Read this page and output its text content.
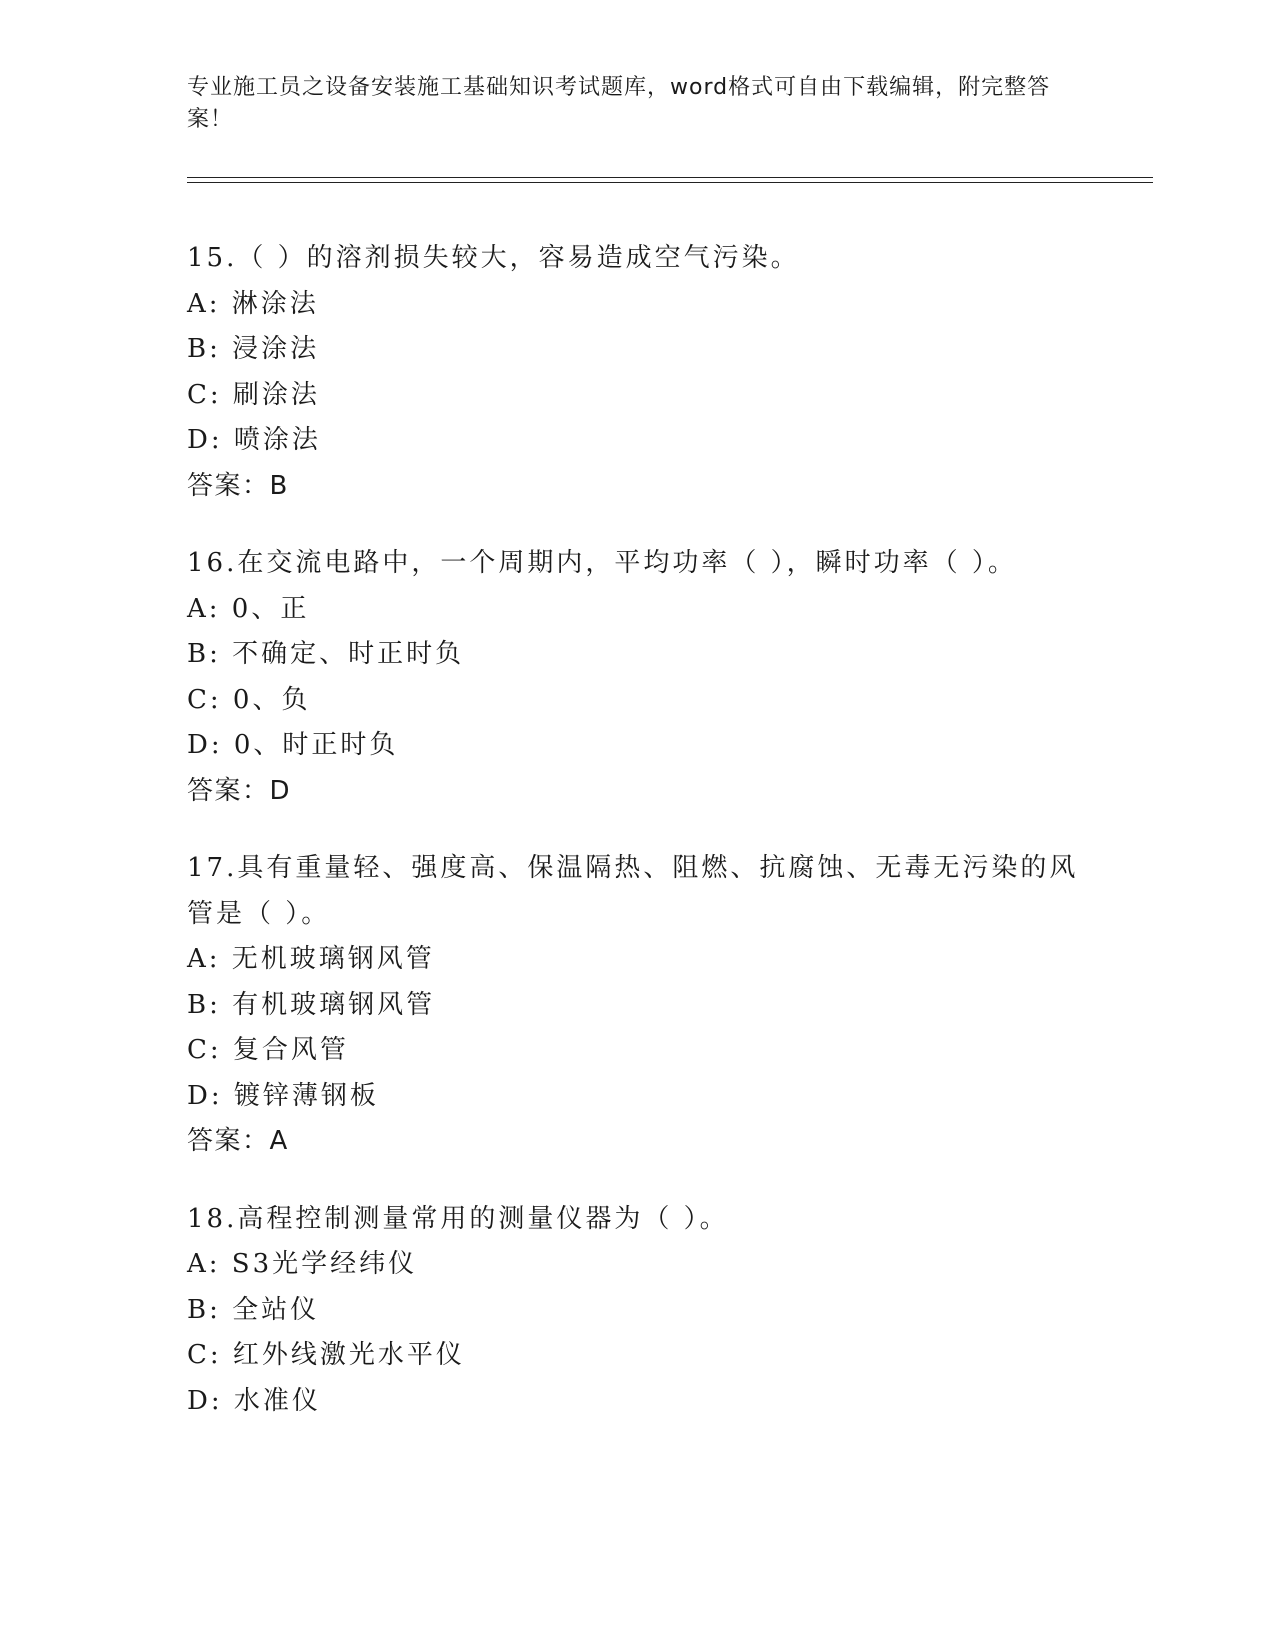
专业施工员之设备安装施工基础知识考试题库，word格式可自由下载编辑，附完整答案！
15.（ ）的溶剂损失较大，容易造成空气污染。
A: 淋涂法
B: 浸涂法
C: 刷涂法
D: 喷涂法
答案：B
16.在交流电路中，一个周期内，平均功率（ ），瞬时功率（ ）。
A: 0、正
B: 不确定、时正时负
C: 0、负
D: 0、时正时负
答案：D
17.具有重量轻、强度高、保温隔热、阻燃、抗腐蚀、无毒无污染的风管是（ ）。
A: 无机玻璃钢风管
B: 有机玻璃钢风管
C: 复合风管
D: 镀锌薄钢板
答案：A
18.高程控制测量常用的测量仪器为（ ）。
A: S3光学经纬仪
B: 全站仪
C: 红外线激光水平仪
D: 水准仪
